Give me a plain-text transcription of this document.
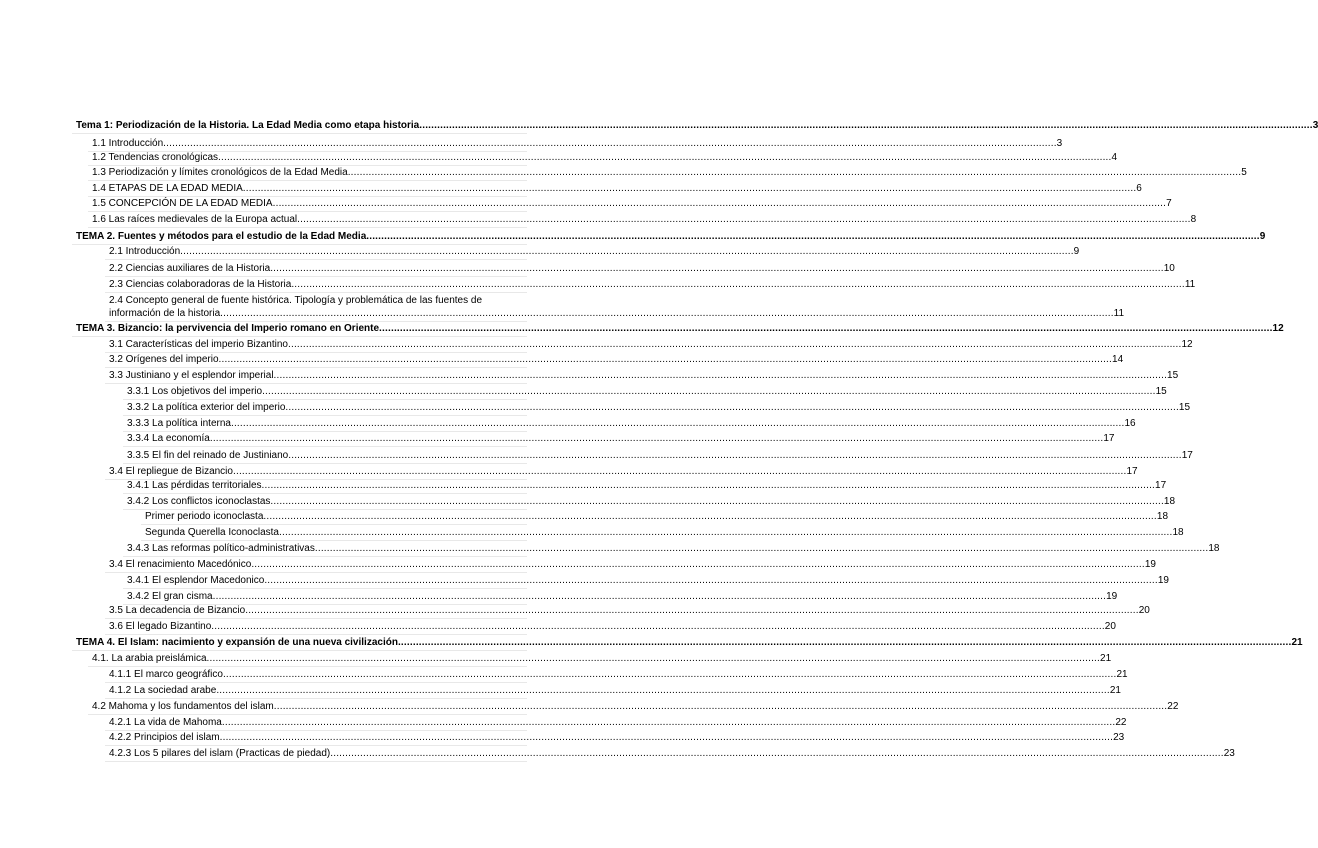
Tema 1: Periodización de la Historia. La Edad Media como etapa historia ............................................................................................................................................................................................................................................................................................................ 3
1.1 Introducción ............................................................................................................................................................................................................................................................................................................ 3
1.2 Tendencias cronológicas ............................................................................................................................................................................................................................................................................................................ 4
1.3 Periodización y límites cronológicos de la Edad Media ............................................................................................................................................................................................................................................................................................................ 5
1.4 ETAPAS DE LA EDAD MEDIA ............................................................................................................................................................................................................................................................................................................ 6
1.5 CONCEPCIÓN DE LA EDAD MEDIA ............................................................................................................................................................................................................................................................................................................ 7
1.6 Las raíces medievales de la Europa actual ............................................................................................................................................................................................................................................................................................................ 8
TEMA 2. Fuentes y métodos para el estudio de la Edad Media ............................................................................................................................................................................................................................................................................................................ 9
2.1 Introducción ............................................................................................................................................................................................................................................................................................................ 9
2.2 Ciencias auxiliares de la Historia ............................................................................................................................................................................................................................................................................................................ 10
2.3 Ciencias colaboradoras de la Historia ............................................................................................................................................................................................................................................................................................................ 11
2.4 Concepto general de fuente histórica. Tipología y problemática de las fuentes de
información de la historia ............................................................................................................................................................................................................................................................................................................ 11
TEMA 3. Bizancio: la pervivencia del Imperio romano en Oriente ............................................................................................................................................................................................................................................................................................................ 12
3.1 Características del imperio Bizantino ............................................................................................................................................................................................................................................................................................................ 12
3.2 Orígenes del imperio ............................................................................................................................................................................................................................................................................................................ 14
3.3 Justiniano y el esplendor imperial ............................................................................................................................................................................................................................................................................................................ 15
3.3.1 Los objetivos del imperio ............................................................................................................................................................................................................................................................................................................ 15
3.3.2 La política exterior del imperio ............................................................................................................................................................................................................................................................................................................ 15
3.3.3 La política interna ............................................................................................................................................................................................................................................................................................................ 16
3.3.4 La economía ............................................................................................................................................................................................................................................................................................................ 17
3.3.5 El fin del reinado de Justiniano ............................................................................................................................................................................................................................................................................................................ 17
3.4 El repliegue de Bizancio ............................................................................................................................................................................................................................................................................................................ 17
3.4.1 Las pérdidas territoriales ............................................................................................................................................................................................................................................................................................................ 17
3.4.2 Los conflictos iconoclastas ............................................................................................................................................................................................................................................................................................................ 18
Primer periodo iconoclasta ............................................................................................................................................................................................................................................................................................................ 18
Segunda Querella Iconoclasta ............................................................................................................................................................................................................................................................................................................ 18
3.4.3 Las reformas político-administrativas ............................................................................................................................................................................................................................................................................................................ 18
3.4 El renacimiento Macedónico ............................................................................................................................................................................................................................................................................................................ 19
3.4.1 El esplendor Macedonico ............................................................................................................................................................................................................................................................................................................ 19
3.4.2 El gran cisma ............................................................................................................................................................................................................................................................................................................ 19
3.5 La decadencia de Bizancio ............................................................................................................................................................................................................................................................................................................ 20
3.6 El legado Bizantino ............................................................................................................................................................................................................................................................................................................ 20
TEMA 4. El Islam: nacimiento y expansión de una nueva civilización ............................................................................................................................................................................................................................................................................................................ 21
4.1. La arabia preislámica ............................................................................................................................................................................................................................................................................................................ 21
4.1.1 El marco geográfico ............................................................................................................................................................................................................................................................................................................ 21
4.1.2 La sociedad arabe ............................................................................................................................................................................................................................................................................................................ 21
4.2 Mahoma y los fundamentos del islam ............................................................................................................................................................................................................................................................................................................ 22
4.2.1 La vida de Mahoma ............................................................................................................................................................................................................................................................................................................ 22
4.2.2 Principios del islam ............................................................................................................................................................................................................................................................................................................ 23
4.2.3 Los 5 pilares del islam (Practicas de piedad) ............................................................................................................................................................................................................................................................................................................ 23
